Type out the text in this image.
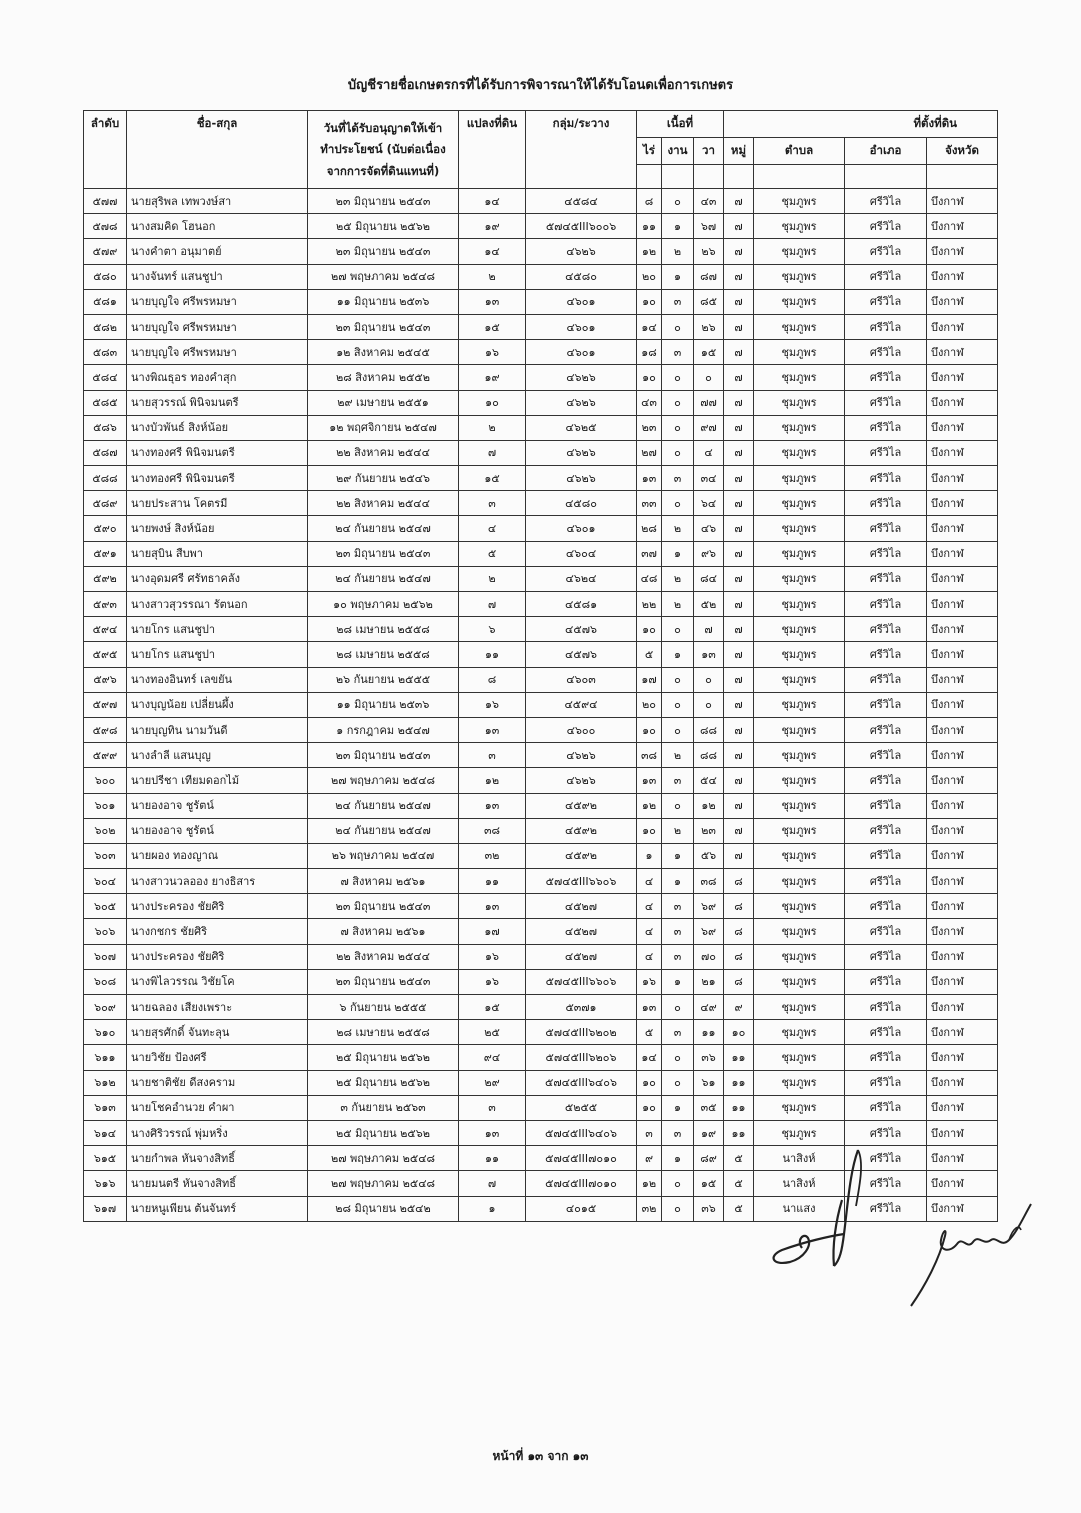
บัญชีรายชื่อเกษตรกรที่ได้รับการพิจารณาให้ได้รับโอนดเพื่อการเกษตร
ลำดับ	ชื่อ-สกุล	วันที่ได้รับอนุญาตให้เข้า
ทำประโยชน์ (นับต่อเนื่อง
จากการจัดที่ดินแทนที่)	แปลงที่ดิน	กลุ่ม/ระวาง	เนื้อที่			ที่ตั้งที่ดิน			
					ไร่	งาน	วา	หมู่	ตำบล	อำเภอ	จังหวัด

๕๗๗	นายสุริพล เทพวงษ์สา	๒๓ มิถุนายน ๒๕๔๓	๑๔	๔๕๘๔	๘	๐	๔๓	๗	ชุมภูพร	ศรีวิไล	บึงกาฬ
๕๗๘	นางสมคิด โฮนอก	๒๕ มิถุนายน ๒๕๖๒	๑๙	๕๗๔๕III๖๐๐๖	๑๑	๑	๖๗	๗	ชุมภูพร	ศรีวิไล	บึงกาฬ
๕๗๙	นางคำตา อนุมาตย์	๒๓ มิถุนายน ๒๕๔๓	๑๔	๔๖๒๖	๑๒	๒	๒๖	๗	ชุมภูพร	ศรีวิไล	บึงกาฬ
๕๘๐	นางจันทร์ แสนชูปา	๒๗ พฤษภาคม ๒๕๔๘	๒	๔๕๘๐	๒๐	๑	๘๗	๗	ชุมภูพร	ศรีวิไล	บึงกาฬ
๕๘๑	นายบุญใจ ศรีพรหมษา	๑๑ มิถุนายน ๒๕๓๖	๑๓	๔๖๐๑	๑๐	๓	๘๕	๗	ชุมภูพร	ศรีวิไล	บึงกาฬ
๕๘๒	นายบุญใจ ศรีพรหมษา	๒๓ มิถุนายน ๒๕๔๓	๑๕	๔๖๐๑	๑๔	๐	๒๖	๗	ชุมภูพร	ศรีวิไล	บึงกาฬ
๕๘๓	นายบุญใจ ศรีพรหมษา	๑๒ สิงหาคม ๒๕๔๕	๑๖	๔๖๐๑	๑๘	๓	๑๕	๗	ชุมภูพร	ศรีวิไล	บึงกาฬ
๕๘๔	นางพิณธุอร ทองคำสุก	๒๘ สิงหาคม ๒๕๕๒	๑๙	๔๖๒๖	๑๐	๐	๐	๗	ชุมภูพร	ศรีวิไล	บึงกาฬ
๕๘๕	นายสุวรรณ์ พินิจมนตรี	๒๙ เมษายน ๒๕๕๑	๑๐	๔๖๒๖	๔๓	๐	๗๗	๗	ชุมภูพร	ศรีวิไล	บึงกาฬ
๕๘๖	นางบัวพันธ์ สิงห์น้อย	๑๒ พฤศจิกายน ๒๕๔๗	๒	๔๖๒๕	๒๓	๐	๙๗	๗	ชุมภูพร	ศรีวิไล	บึงกาฬ
๕๘๗	นางทองศรี พินิจมนตรี	๒๒ สิงหาคม ๒๕๔๔	๗	๔๖๒๖	๒๗	๐	๔	๗	ชุมภูพร	ศรีวิไล	บึงกาฬ
๕๘๘	นางทองศรี พินิจมนตรี	๒๙ กันยายน ๒๕๔๖	๑๕	๔๖๒๖	๑๓	๓	๓๔	๗	ชุมภูพร	ศรีวิไล	บึงกาฬ
๕๘๙	นายประสาน โคตรมี	๒๒ สิงหาคม ๒๕๔๔	๓	๔๕๘๐	๓๓	๐	๖๔	๗	ชุมภูพร	ศรีวิไล	บึงกาฬ
๕๙๐	นายพงษ์ สิงห์น้อย	๒๔ กันยายน ๒๕๔๗	๔	๔๖๐๑	๒๘	๒	๔๖	๗	ชุมภูพร	ศรีวิไล	บึงกาฬ
๕๙๑	นายสุบิน สืบพา	๒๓ มิถุนายน ๒๕๔๓	๕	๔๖๐๔	๓๗	๑	๙๖	๗	ชุมภูพร	ศรีวิไล	บึงกาฬ
๕๙๒	นางอุดมศรี ศรัทธาคลัง	๒๔ กันยายน ๒๕๔๗	๒	๔๖๒๔	๔๘	๒	๘๔	๗	ชุมภูพร	ศรีวิไล	บึงกาฬ
๕๙๓	นางสาวสุวรรณา รัตนอก	๑๐ พฤษภาคม ๒๕๖๒	๗	๔๕๘๑	๒๒	๒	๕๒	๗	ชุมภูพร	ศรีวิไล	บึงกาฬ
๕๙๔	นายโกร แสนชูปา	๒๘ เมษายน ๒๕๕๘	๖	๔๕๗๖	๑๐	๐	๗	๗	ชุมภูพร	ศรีวิไล	บึงกาฬ
๕๙๕	นายโกร แสนชูปา	๒๘ เมษายน ๒๕๕๘	๑๑	๔๕๗๖	๕	๑	๑๓	๗	ชุมภูพร	ศรีวิไล	บึงกาฬ
๕๙๖	นางทองอินทร์ เลขยัน	๒๖ กันยายน ๒๕๕๕	๘	๔๖๐๓	๑๗	๐	๐	๗	ชุมภูพร	ศรีวิไล	บึงกาฬ
๕๙๗	นางบุญน้อย เปลี่ยนผึ้ง	๑๑ มิถุนายน ๒๕๓๖	๑๖	๔๕๙๔	๒๐	๐	๐	๗	ชุมภูพร	ศรีวิไล	บึงกาฬ
๕๙๘	นายบุญทิน นามวันดี	๑ กรกฎาคม ๒๕๔๗	๑๓	๔๖๐๐	๑๐	๐	๘๘	๗	ชุมภูพร	ศรีวิไล	บึงกาฬ
๕๙๙	นางลำลี แสนบุญ	๒๓ มิถุนายน ๒๕๔๓	๓	๔๖๒๖	๓๘	๒	๘๘	๗	ชุมภูพร	ศรีวิไล	บึงกาฬ
๖๐๐	นายปรีชา เทียมดอกไม้	๒๗ พฤษภาคม ๒๕๔๘	๑๒	๔๖๒๖	๑๓	๓	๕๔	๗	ชุมภูพร	ศรีวิไล	บึงกาฬ
๖๐๑	นายองอาจ ชูรัตน์	๒๔ กันยายน ๒๕๔๗	๑๓	๔๕๙๒	๑๒	๐	๑๒	๗	ชุมภูพร	ศรีวิไล	บึงกาฬ
๖๐๒	นายองอาจ ชูรัตน์	๒๔ กันยายน ๒๕๔๗	๓๘	๔๕๙๒	๑๐	๒	๒๓	๗	ชุมภูพร	ศรีวิไล	บึงกาฬ
๖๐๓	นายผอง ทองญาณ	๒๖ พฤษภาคม ๒๕๔๗	๓๒	๔๕๙๒	๑	๑	๕๖	๗	ชุมภูพร	ศรีวิไล	บึงกาฬ
๖๐๔	นางสาวนวลออง ยางธิสาร	๗ สิงหาคม ๒๕๖๑	๑๑	๕๗๔๕III๖๖๐๖	๔	๑	๓๘	๘	ชุมภูพร	ศรีวิไล	บึงกาฬ
๖๐๕	นางประครอง ชัยศิริ	๒๓ มิถุนายน ๒๕๔๓	๑๓	๔๕๒๗	๔	๓	๖๙	๘	ชุมภูพร	ศรีวิไล	บึงกาฬ
๖๐๖	นางกชกร ชัยศิริ	๗ สิงหาคม ๒๕๖๑	๑๗	๔๕๒๗	๔	๓	๖๙	๘	ชุมภูพร	ศรีวิไล	บึงกาฬ
๖๐๗	นางประครอง ชัยศิริ	๒๒ สิงหาคม ๒๕๔๔	๑๖	๔๕๒๗	๔	๓	๗๐	๘	ชุมภูพร	ศรีวิไล	บึงกาฬ
๖๐๘	นางพิไลวรรณ วิชัยโค	๒๓ มิถุนายน ๒๕๔๓	๑๖	๕๗๔๕III๖๖๐๖	๑๖	๑	๒๑	๘	ชุมภูพร	ศรีวิไล	บึงกาฬ
๖๐๙	นายฉลอง เสียงเพราะ	๖ กันยายน ๒๕๕๕	๑๕	๕๓๗๑	๑๓	๐	๔๙	๙	ชุมภูพร	ศรีวิไล	บึงกาฬ
๖๑๐	นายสุรศักดิ์ จันทะลุน	๒๘ เมษายน ๒๕๕๘	๒๕	๕๗๔๕III๖๒๐๒	๕	๓	๑๑	๑๐	ชุมภูพร	ศรีวิไล	บึงกาฬ
๖๑๑	นายวิชัย ป้องศรี	๒๕ มิถุนายน ๒๕๖๒	๙๔	๕๗๔๕III๖๒๐๖	๑๔	๐	๓๖	๑๑	ชุมภูพร	ศรีวิไล	บึงกาฬ
๖๑๒	นายชาติชัย ดีสงคราม	๒๕ มิถุนายน ๒๕๖๒	๒๙	๕๗๔๕III๖๔๐๖	๑๐	๐	๖๑	๑๑	ชุมภูพร	ศรีวิไล	บึงกาฬ
๖๑๓	นายโชคอำนวย คำผา	๓ กันยายน ๒๕๖๓	๓	๕๒๕๕	๑๐	๑	๓๕	๑๑	ชุมภูพร	ศรีวิไล	บึงกาฬ
๖๑๔	นางศิริวรรณ์ พุ่มหริ่ง	๒๕ มิถุนายน ๒๕๖๒	๑๓	๕๗๔๕III๖๔๐๖	๓	๓	๑๙	๑๑	ชุมภูพร	ศรีวิไล	บึงกาฬ
๖๑๕	นายกำพล หันจางสิทธิ์	๒๗ พฤษภาคม ๒๕๔๘	๑๑	๕๗๔๕III๗๐๑๐	๙	๑	๘๙	๕	นาสิงห์	ศรีวิไล	บึงกาฬ
๖๑๖	นายมนตรี หันจางสิทธิ์	๒๗ พฤษภาคม ๒๕๔๘	๗	๕๗๔๕III๗๐๑๐	๑๒	๐	๑๕	๕	นาสิงห์	ศรีวิไล	บึงกาฬ
๖๑๗	นายหนูเพียน ต้นจันทร์	๒๘ มิถุนายน ๒๕๔๒	๑	๔๐๑๕	๓๒	๐	๓๖	๕	นาแสง	ศรีวิไล	บึงกาฬ
หน้าที่ ๑๓ จาก ๑๓
